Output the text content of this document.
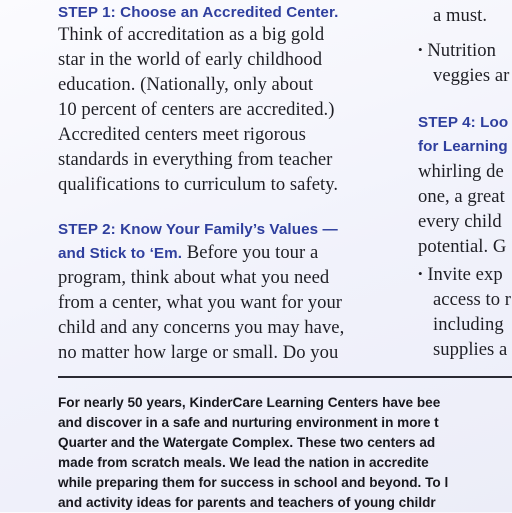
STEP 1: Choose an Accredited Center.
Think of accreditation as a big gold
star in the world of early childhood
education. (Nationally, only about
10 percent of centers are accredited.)
Accredited centers meet rigorous
standards in everything from teacher
qualifications to curriculum to safety.
STEP 2: Know Your Family’s Values —
and Stick to ‘Em. Before you tour a
program, think about what you need
from a center, what you want for your
child and any concerns you may have,
no matter how large or small. Do you
a must.
• Nutrition
veggies ar
STEP 4: Loo
for Learning
whirling de
one, a great
every child
potential. G
• Invite exp
access to r
including
supplies a
For nearly 50 years, KinderCare Learning Centers have bee
and discover in a safe and nurturing environment in more t
Quarter and the Watergate Complex. These two centers ad
made from scratch meals. We lead the nation in accredite
while preparing them for success in school and beyond. To l
and activity ideas for parents and teachers of young childr
